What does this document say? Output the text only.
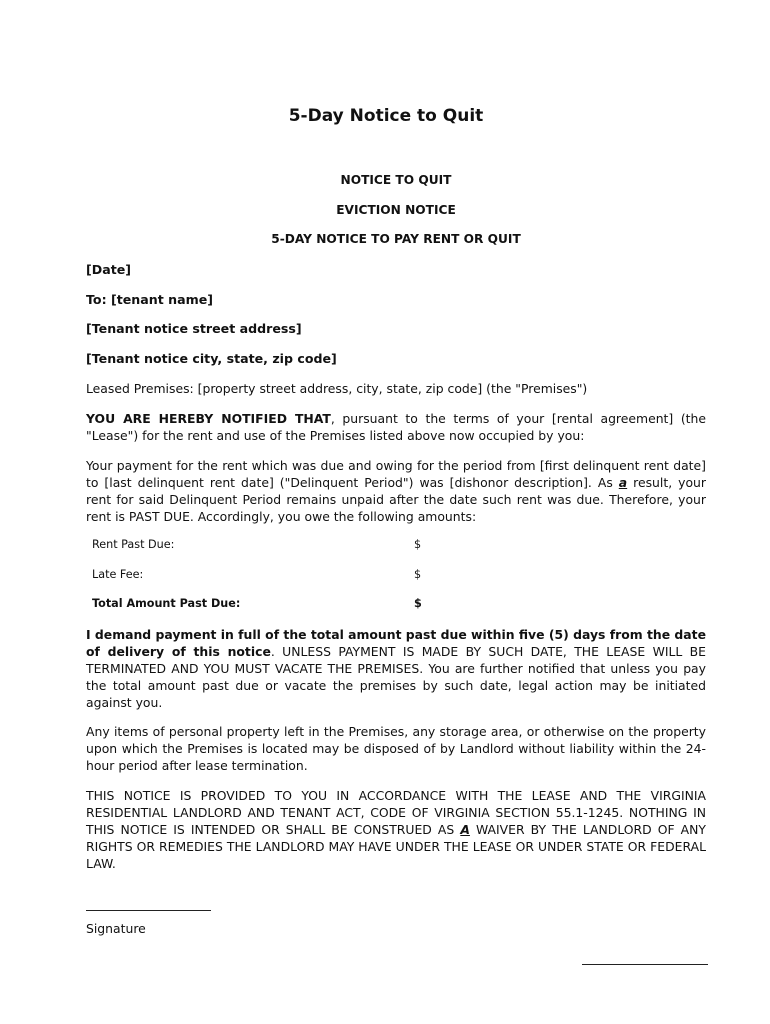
5-Day Notice to Quit
NOTICE TO QUIT
EVICTION NOTICE
5-DAY NOTICE TO PAY RENT OR QUIT
[Date]
To: [tenant name]
[Tenant notice street address]
[Tenant notice city, state, zip code]
Leased Premises: [property street address, city, state, zip code] (the "Premises")
YOU ARE HEREBY NOTIFIED THAT, pursuant to the terms of your [rental agreement] (the "Lease") for the rent and use of the Premises listed above now occupied by you:
Your payment for the rent which was due and owing for the period from [first delinquent rent date] to [last delinquent rent date] ("Delinquent Period") was [dishonor description]. As a result, your rent for said Delinquent Period remains unpaid after the date such rent was due. Therefore, your rent is PAST DUE. Accordingly, you owe the following amounts:
Rent Past Due:	$
Late Fee:	$
Total Amount Past Due:	$
I demand payment in full of the total amount past due within five (5) days from the date of delivery of this notice. UNLESS PAYMENT IS MADE BY SUCH DATE, THE LEASE WILL BE TERMINATED AND YOU MUST VACATE THE PREMISES. You are further notified that unless you pay the total amount past due or vacate the premises by such date, legal action may be initiated against you.
Any items of personal property left in the Premises, any storage area, or otherwise on the property upon which the Premises is located may be disposed of by Landlord without liability within the 24-hour period after lease termination.
THIS NOTICE IS PROVIDED TO YOU IN ACCORDANCE WITH THE LEASE AND THE VIRGINIA RESIDENTIAL LANDLORD AND TENANT ACT, CODE OF VIRGINIA SECTION 55.1-1245. NOTHING IN THIS NOTICE IS INTENDED OR SHALL BE CONSTRUED AS A WAIVER BY THE LANDLORD OF ANY RIGHTS OR REMEDIES THE LANDLORD MAY HAVE UNDER THE LEASE OR UNDER STATE OR FEDERAL LAW.
Signature
